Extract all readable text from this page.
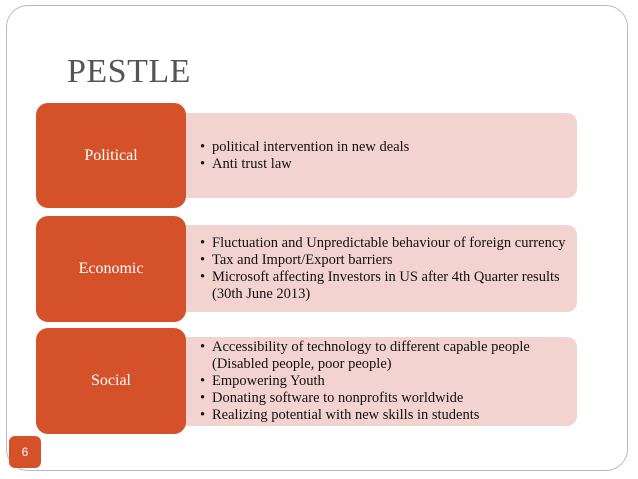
PESTLE
• political intervention in new deals
• Anti trust law
Political
• Fluctuation and Unpredictable behaviour of foreign currency
• Tax and Import/Export barriers
• Microsoft affecting Investors in US after 4th Quarter results (30th June 2013)
Economic
• Accessibility of technology to different capable people (Disabled people, poor people)
• Empowering Youth
• Donating software to nonprofits worldwide
• Realizing potential with new skills in students
Social
6
